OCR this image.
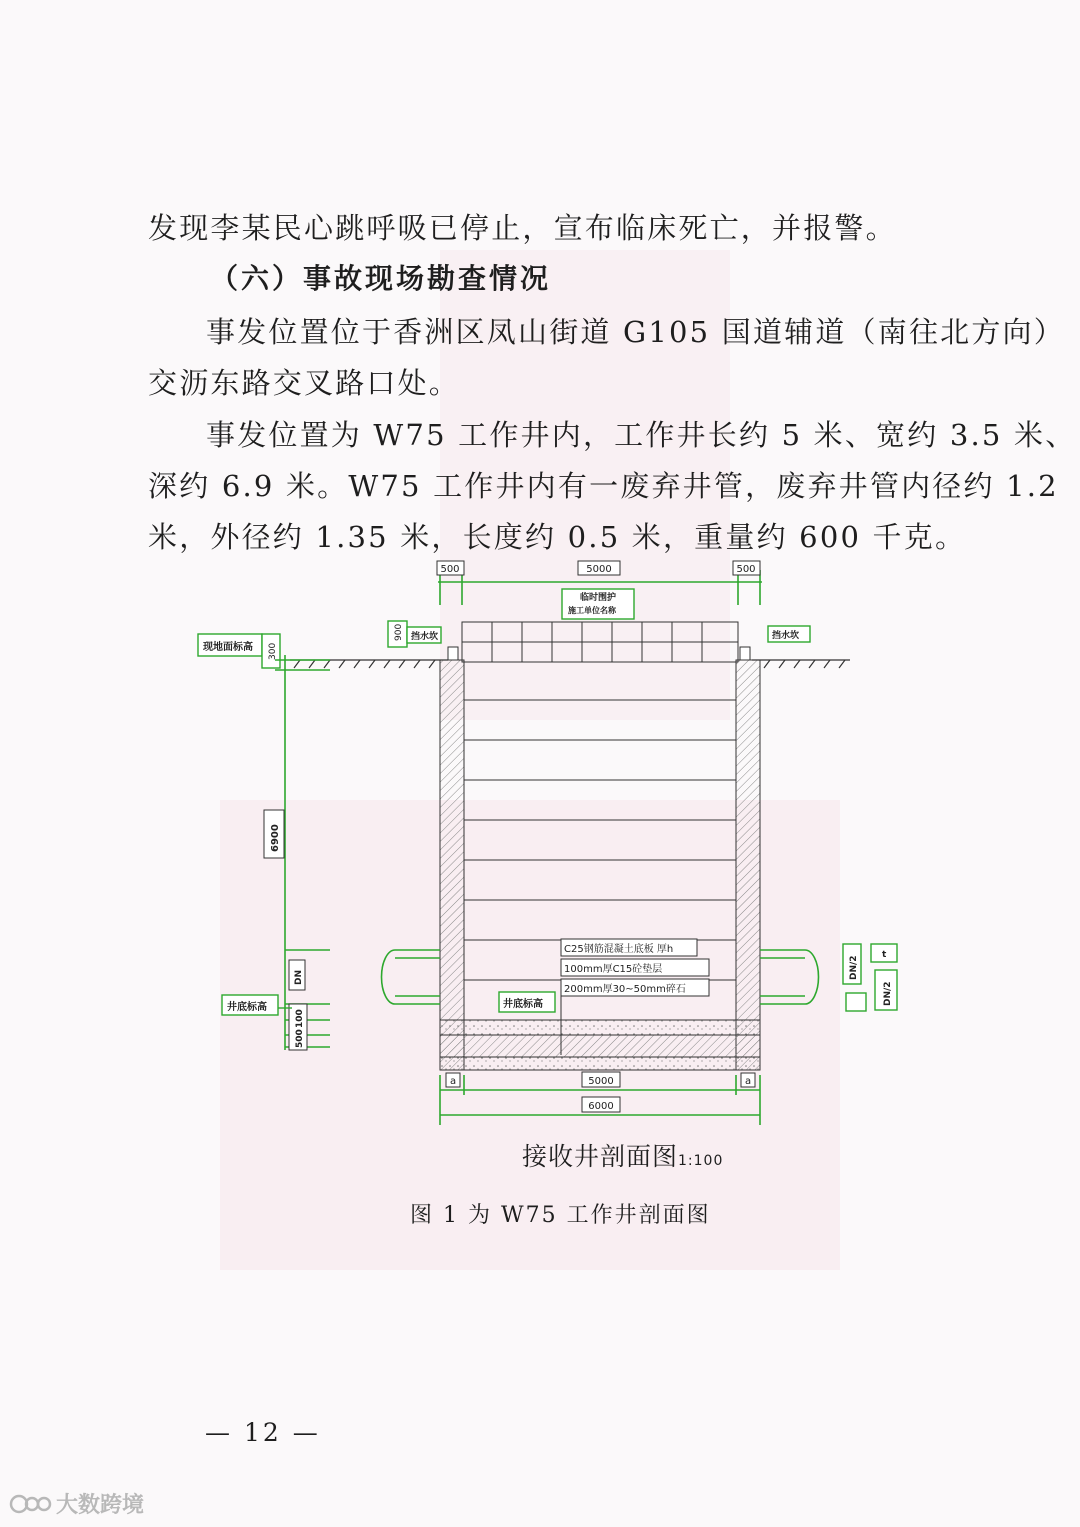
发现李某民心跳呼吸已停止，宣布临床死亡，并报警。
（六）事故现场勘查情况
事发位置位于香洲区凤山街道 G105 国道辅道（南往北方向）
交沥东路交叉路口处。
事发位置为 W75 工作井内，工作井长约 5 米、宽约 3.5 米、
深约 6.9 米。W75 工作井内有一废弃井管，废弃井管内径约 1.2
米，外径约 1.35 米，长度约 0.5 米，重量约 600 千克。
500	5000	500
临时围护
施工单位名称
900 挡水坎	挡水坎
现地面标高 300
6900
DN
500
100
井底标高	井底标高
C25钢筋混凝土底板 厚h
100mm厚C15砼垫层
200mm厚30~50mm碎石
DN/2
DN/2
t
a	a
5000
6000
接收井剖面图1:100
图 1 为 W75 工作井剖面图
— 12 —
大数跨境
